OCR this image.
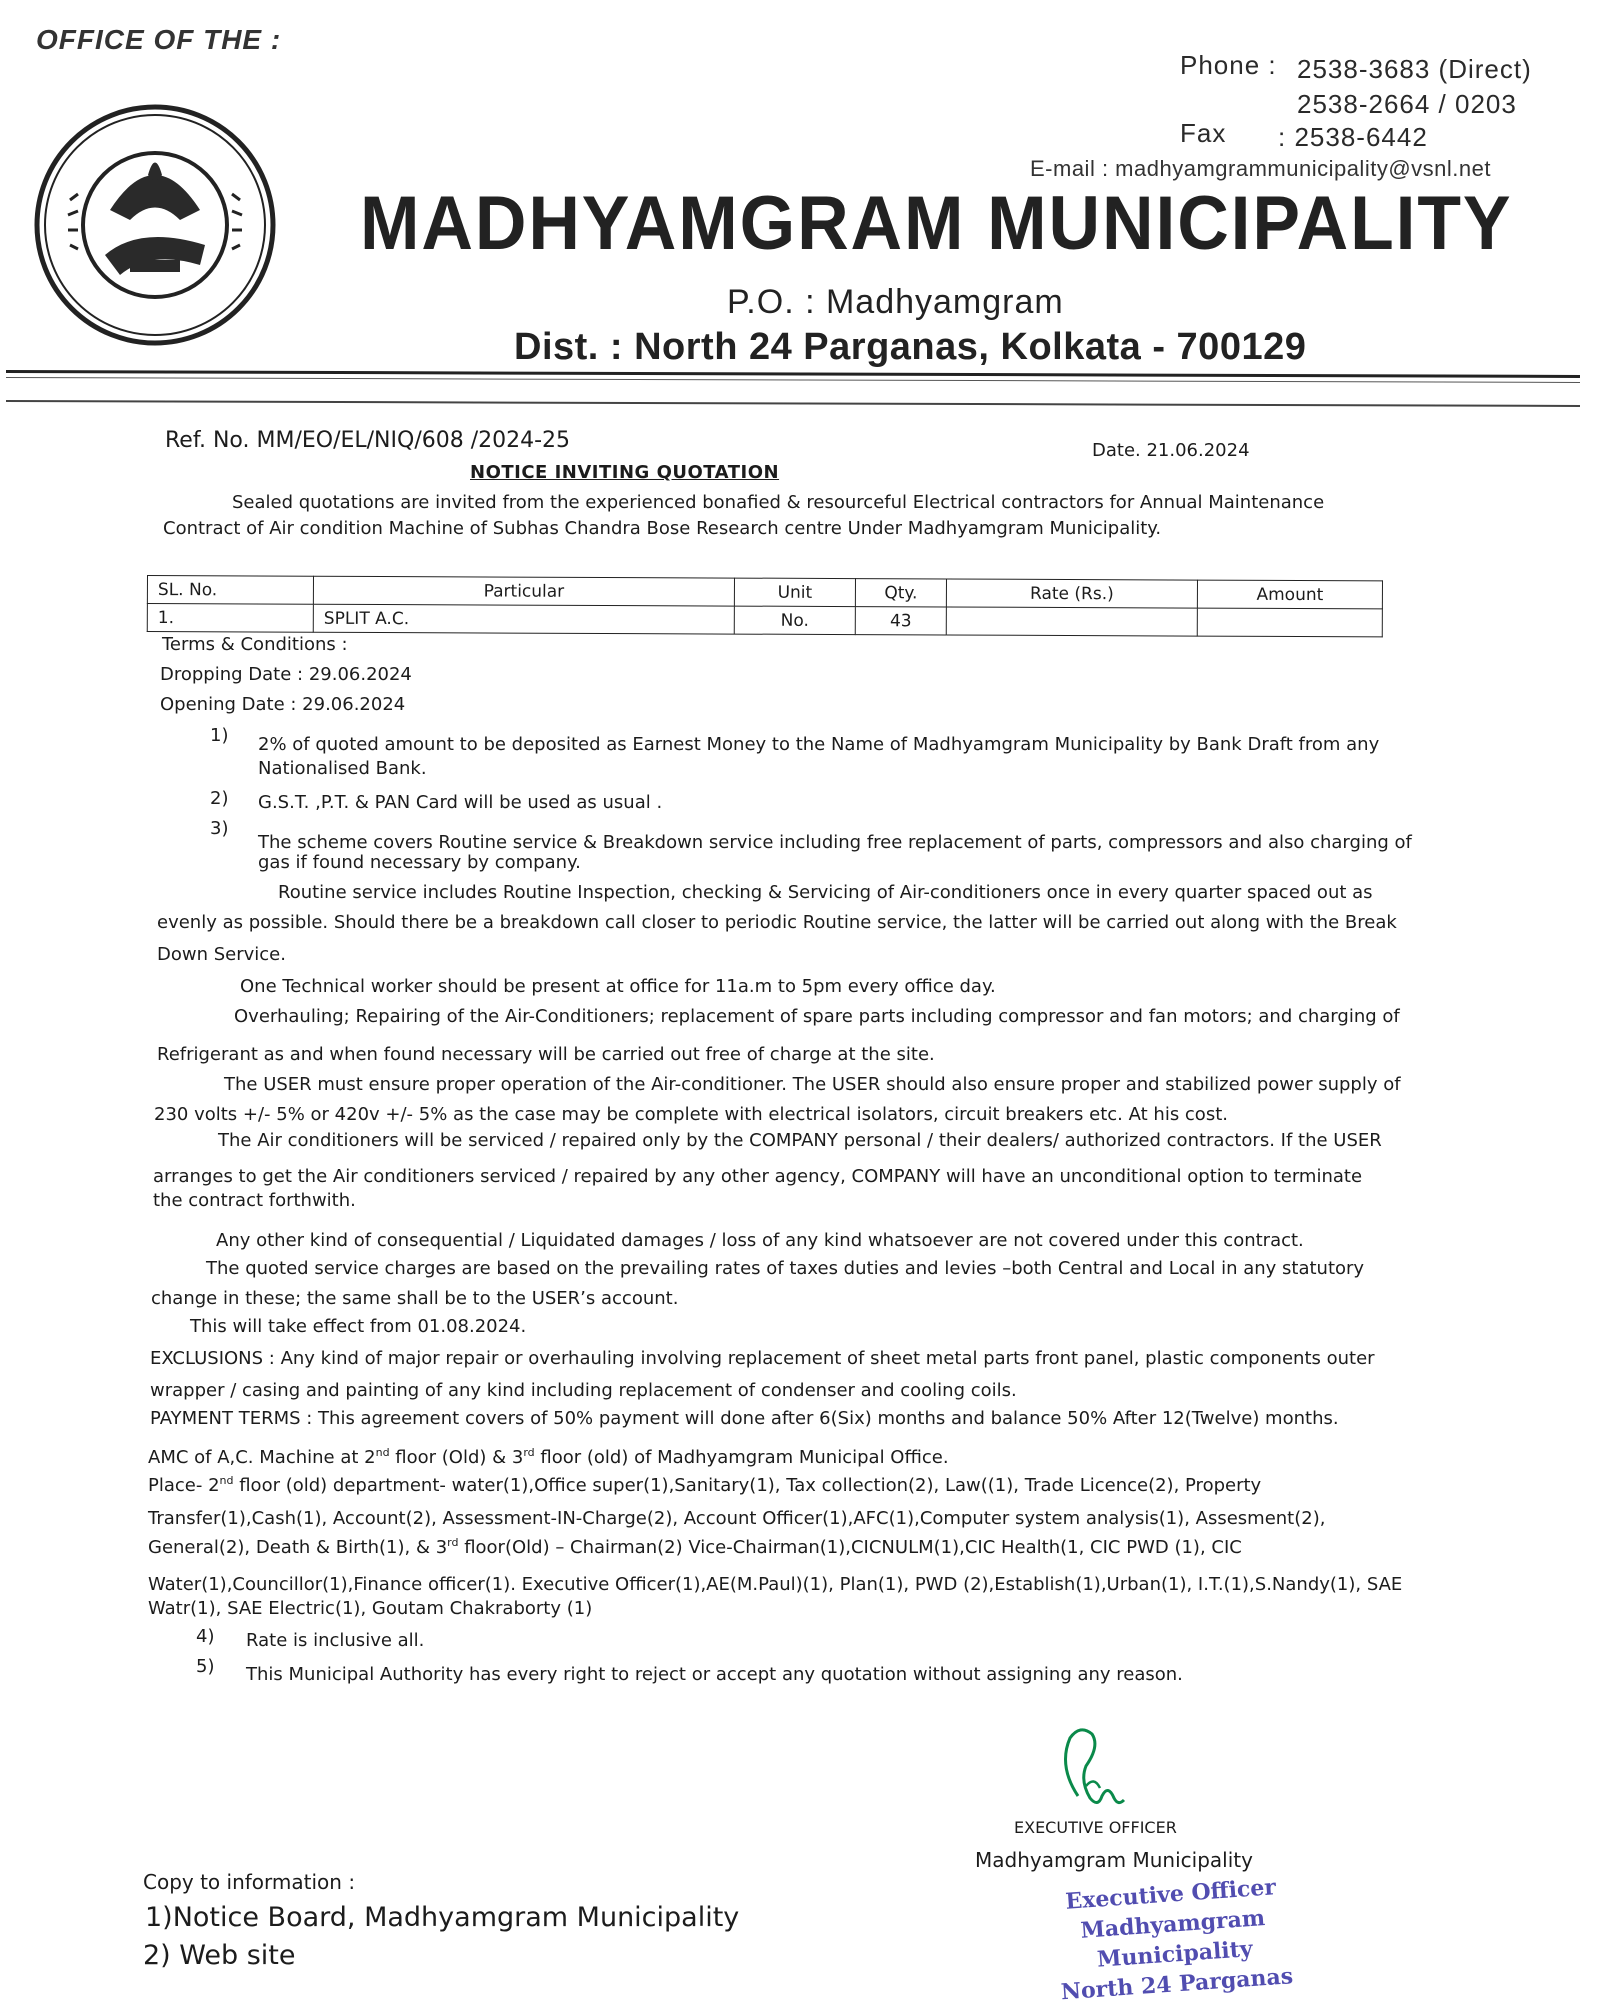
OFFICE OF THE :
Phone : 2538-3683 (Direct)
2538-2664 / 0203
Fax : 2538-6442
E-mail : madhyamgrammunicipality@vsnl.net
MADHYAMGRAM MUNICIPALITY
P.O. : Madhyamgram
Dist. : North 24 Parganas, Kolkata - 700129
Ref. No. MM/EO/EL/NIQ/608 /2024-25	Date. 21.06.2024
NOTICE INVITING QUOTATION
Sealed quotations are invited from the experienced bonafied & resourceful Electrical contractors for Annual Maintenance
Contract of Air condition Machine of Subhas Chandra Bose Research centre Under Madhyamgram Municipality.
SL. No.	Particular	Unit	Qty.	Rate (Rs.)	Amount
1.	SPLIT A.C.	No.	43		
Terms & Conditions :
Dropping Date : 29.06.2024
Opening Date : 29.06.2024
1) 2% of quoted amount to be deposited as Earnest Money to the Name of Madhyamgram Municipality by Bank Draft from any
Nationalised Bank.
2) G.S.T. ,P.T. & PAN Card will be used as usual .
3)
The scheme covers Routine service & Breakdown service including free replacement of parts, compressors and also charging of
gas if found necessary by company.
Routine service includes Routine Inspection, checking & Servicing of Air-conditioners once in every quarter spaced out as
evenly as possible. Should there be a breakdown call closer to periodic Routine service, the latter will be carried out along with the Break
Down Service.
One Technical worker should be present at office for 11a.m to 5pm every office day.
Overhauling; Repairing of the Air-Conditioners; replacement of spare parts including compressor and fan motors; and charging of
Refrigerant as and when found necessary will be carried out free of charge at the site.
The USER must ensure proper operation of the Air-conditioner. The USER should also ensure proper and stabilized power supply of
230 volts +/- 5% or 420v +/- 5% as the case may be complete with electrical isolators, circuit breakers etc. At his cost.
The Air conditioners will be serviced / repaired only by the COMPANY personal / their dealers/ authorized contractors. If the USER
arranges to get the Air conditioners serviced / repaired by any other agency, COMPANY will have an unconditional option to terminate
the contract forthwith.
Any other kind of consequential / Liquidated damages / loss of any kind whatsoever are not covered under this contract.
The quoted service charges are based on the prevailing rates of taxes duties and levies –both Central and Local in any statutory
change in these; the same shall be to the USER’s account.
This will take effect from 01.08.2024.
EXCLUSIONS : Any kind of major repair or overhauling involving replacement of sheet metal parts front panel, plastic components outer
wrapper / casing and painting of any kind including replacement of condenser and cooling coils.
PAYMENT TERMS : This agreement covers of 50% payment will done after 6(Six) months and balance 50% After 12(Twelve) months.
AMC of A,C. Machine at 2nd floor (Old) & 3rd floor (old) of Madhyamgram Municipal Office.
Place- 2nd floor (old) department- water(1),Office super(1),Sanitary(1), Tax collection(2), Law((1), Trade Licence(2), Property
Transfer(1),Cash(1), Account(2), Assessment-IN-Charge(2), Account Officer(1),AFC(1),Computer system analysis(1), Assesment(2),
General(2), Death & Birth(1), & 3rd floor(Old) – Chairman(2) Vice-Chairman(1),CICNULM(1),CIC Health(1, CIC PWD (1), CIC
Water(1),Councillor(1),Finance officer(1). Executive Officer(1),AE(M.Paul)(1), Plan(1), PWD (2),Establish(1),Urban(1), I.T.(1),S.Nandy(1), SAE
Watr(1), SAE Electric(1), Goutam Chakraborty (1)
4) Rate is inclusive all.
5) This Municipal Authority has every right to reject or accept any quotation without assigning any reason.
EXECUTIVE OFFICER
Madhyamgram Municipality
Executive Officer
Madhyamgram Municipality
North 24 Parganas
Copy to information :
1)Notice Board, Madhyamgram Municipality
2) Web site
